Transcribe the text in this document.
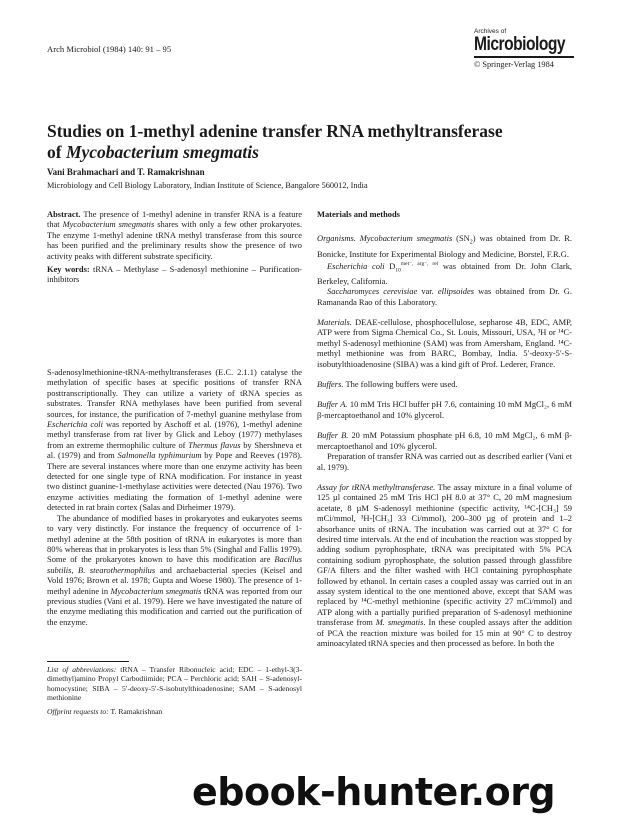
Arch Microbiol (1984) 140: 91 – 95
Archives of
Microbiology
© Springer-Verlag 1984
Studies on 1-methyl adenine transfer RNA methyltransferase
of Mycobacterium smegmatis
Vani Brahmachari and T. Ramakrishnan
Microbiology and Cell Biology Laboratory, Indian Institute of Science, Bangalore 560012, India

Abstract. The presence of 1-methyl adenine in transfer RNA is a feature that Mycobacterium smegmatis shares with only a few other prokaryotes. The enzyme 1-methyl adenine tRNA methyl transferase from this source has been purified and the preliminary results show the presence of two activity peaks with different substrate specificity.

Key words: tRNA – Methylase – S-adenosyl methionine – Purification-inhibitors

S-adenosylmethionine-tRNA-methyltransferases (E.C. 2.1.1) catalyse the methylation of specific bases at specific positions of transfer RNA posttranscriptionally. They can utilize a variety of tRNA species as substrates. Transfer RNA methylases have been purified from several sources, for instance, the purification of 7-methyl guanine methylase from Escherichia coli was reported by Aschoff et al. (1976), 1-methyl adenine methyl transferase from rat liver by Glick and Leboy (1977) methylases from an extreme thermophilic culture of Thermus flavus by Shershneva et al. (1979) and from Salmonella typhimurium by Pope and Reeves (1978). There are several instances where more than one enzyme activity has been detected for one single type of RNA modification. For instance in yeast two distinct guanine-1-methylase activities were detected (Nau 1976). Two enzyme activities mediating the formation of 1-methyl adenine were detected in rat brain cortex (Salas and Dirheimer 1979).

The abundance of modified bases in prokaryotes and eukaryotes seems to vary very distinctly. For instance the frequency of occurrence of 1-methyl adenine at the 58th position of tRNA in eukaryotes is more than 80% whereas that in prokaryotes is less than 5% (Singhal and Fallis 1979). Some of the prokaryotes known to have this modification are Bacillus subtilis, B. stearothermophilus and archaebacterial species (Keisel and Vold 1976; Brown et al. 1978; Gupta and Woese 1980). The presence of 1-methyl adenine in Mycobacterium smegmatis tRNA was reported from our previous studies (Vani et al. 1979). Here we have investigated the nature of the enzyme mediating this modification and carried out the purification of the enzyme.

List of abbreviations: tRNA – Transfer Ribonucleic acid; EDC – 1-ethyl-3(3-dimethyl)amino Propyl Carbodiimide; PCA – Perchloric acid; SAH – S-adenosyl-homocystine; SIBA – 5′-deoxy-5′-S-isobutylthioadenosine; SAM – S-adenosyl methionine

Offprint requests to: T. Ramakrishnan

Materials and methods

Organisms. Mycobacterium smegmatis $(SN_2)$ was obtained from Dr. R. Bonicke, Institute for Experimental Biology and Medicine, Borstel, F.R.G.

Escherichia coli $D_{10}^{met^-, arg^-, rel}$ was obtained from Dr. John Clark, Berkeley, California.

Saccharomyces cerevisiae var. ellipsoides was obtained from Dr. G. Ramananda Rao of this Laboratory.

Materials. DEAE-cellulose, phosphocellulose, sepharose 4B, EDC, AMP, ATP were from Sigma Chemical Co., St. Louis, Missouri, USA, ³H or ¹⁴C-methyl S-adenosyl methionine (SAM) was from Amersham, England. ¹⁴C-methyl methionine was from BARC, Bombay, India. 5′-deoxy-5′-S-isobutylthioadenosine (SIBA) was a kind gift of Prof. Lederer, France.

Buffers. The following buffers were used.

Buffer A. 10 mM Tris HCl buffer pH 7.6, containing 10 mM MgCl₂, 6 mM β-mercaptoethanol and 10% glycerol.

Buffer B. 20 mM Potassium phosphate pH 6.8, 10 mM MgCl₂, 6 mM β-mercaptoethanol and 10% glycerol.

Preparation of transfer RNA was carried out as described earlier (Vani et al. 1979).

Assay for tRNA methyltransferase. The assay mixture in a final volume of 125 µl contained 25 mM Tris HCl pH 8.0 at 37° C, 20 mM magnesium acetate, 8 µM S-adenosyl methionine (specific activity, ¹⁴C-[CH₃] 59 mCi/mmol, ³H-[CH₃] 33 Ci/mmol), 200–300 µg of protein and 1–2 absorbance units of tRNA. The incubation was carried out at 37° C for desired time intervals. At the end of incubation the reaction was stopped by adding sodium pyrophosphate, tRNA was precipitated with 5% PCA containing sodium pyrophosphate, the solution passed through glassfibre GF/A filters and the filter washed with HCl containing pyrophosphate followed by ethanol. In certain cases a coupled assay was carried out in an assay system identical to the one mentioned above, except that SAM was replaced by ¹⁴C-methyl methionine (specific activity 27 mCi/mmol) and ATP along with a partially purified preparation of S-adenosyl methionine transferase from M. smegmatis. In these coupled assays after the addition of PCA the reaction mixture was boiled for 15 min at 90° C to destroy aminoacylated tRNA species and then processed as before. In both the

ebook-hunter.org
